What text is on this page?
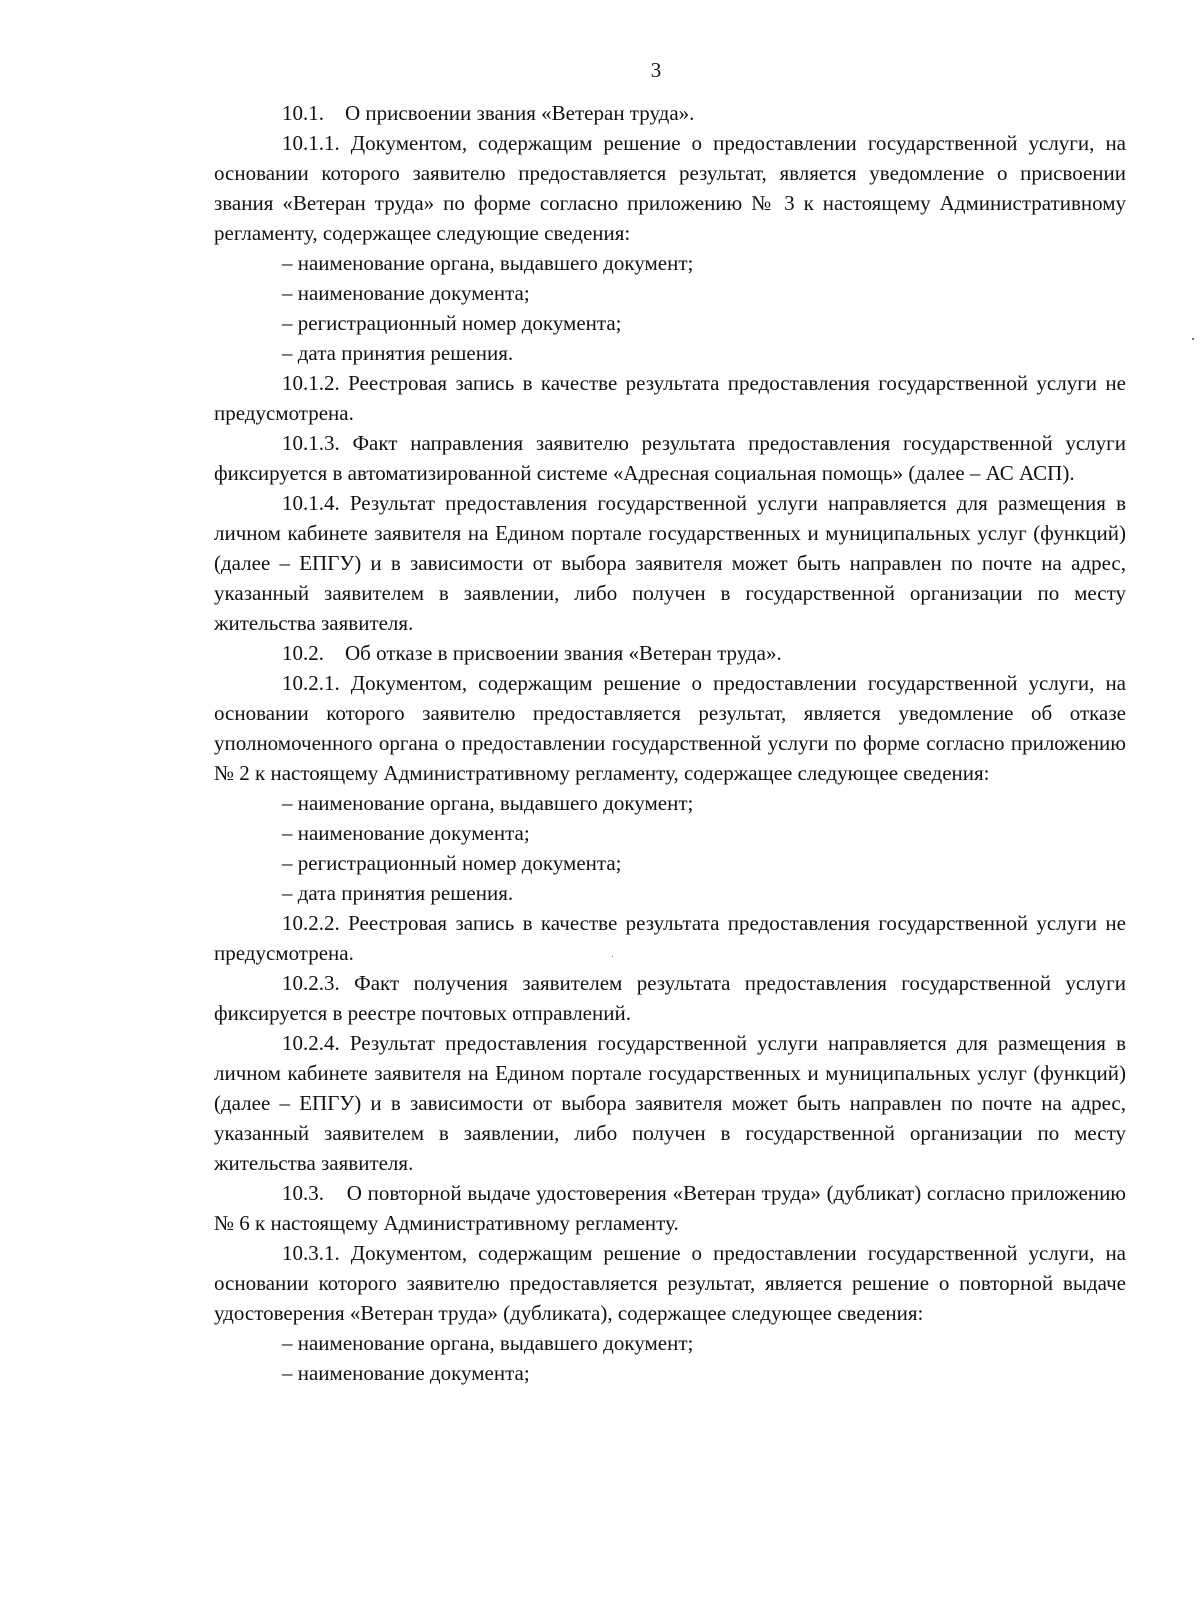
3

10.1.    О присвоении звания «Ветеран труда».

10.1.1. Документом, содержащим решение о предоставлении государственной услуги, на основании которого заявителю предоставляется результат, является уведомление о присвоении звания «Ветеран труда» по форме согласно приложению № 3 к настоящему Административному регламенту, содержащее следующие сведения:

– наименование органа, выдавшего документ;

– наименование документа;

– регистрационный номер документа;

– дата принятия решения.

10.1.2. Реестровая запись в качестве результата предоставления государственной услуги не предусмотрена.

10.1.3. Факт направления заявителю результата предоставления государственной услуги фиксируется в автоматизированной системе «Адресная социальная помощь» (далее – АС АСП).

10.1.4. Результат предоставления государственной услуги направляется для размещения в личном кабинете заявителя на Едином портале государственных и муниципальных услуг (функций) (далее – ЕПГУ) и в зависимости от выбора заявителя может быть направлен по почте на адрес, указанный заявителем в заявлении, либо получен в государственной организации по месту жительства заявителя.

10.2.    Об отказе в присвоении звания «Ветеран труда».

10.2.1. Документом, содержащим решение о предоставлении государственной услуги, на основании которого заявителю предоставляется результат, является уведомление об отказе уполномоченного органа о предоставлении государственной услуги по форме согласно приложению № 2 к настоящему Административному регламенту, содержащее следующее сведения:

– наименование органа, выдавшего документ;

– наименование документа;

– регистрационный номер документа;

– дата принятия решения.

10.2.2. Реестровая запись в качестве результата предоставления государственной услуги не предусмотрена.

10.2.3. Факт получения заявителем результата предоставления государственной услуги фиксируется в реестре почтовых отправлений.

10.2.4. Результат предоставления государственной услуги направляется для размещения в личном кабинете заявителя на Едином портале государственных и муниципальных услуг (функций) (далее – ЕПГУ) и в зависимости от выбора заявителя может быть направлен по почте на адрес, указанный заявителем в заявлении, либо получен в государственной организации по месту жительства заявителя.

10.3.    О повторной выдаче удостоверения «Ветеран труда» (дубликат) согласно приложению № 6 к настоящему Административному регламенту.

10.3.1. Документом, содержащим решение о предоставлении государственной услуги, на основании которого заявителю предоставляется результат, является решение о повторной выдаче удостоверения «Ветеран труда» (дубликата), содержащее следующее сведения:

– наименование органа, выдавшего документ;

– наименование документа;
